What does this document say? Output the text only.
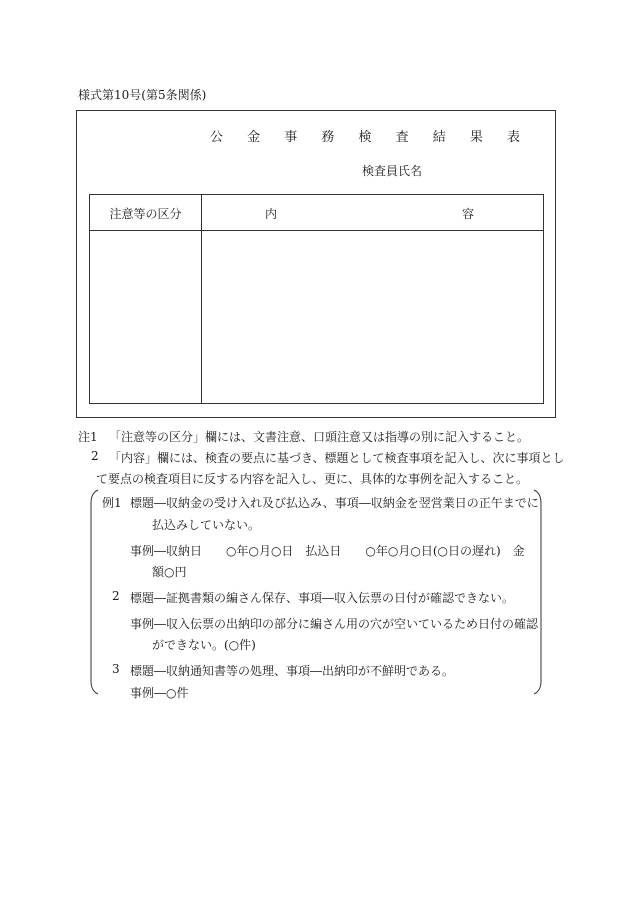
様式第10号(第5条関係)
公 金 事 務 検 査 結 果 表
検査員氏名
注意等の区分	内	容
注1 「注意等の区分」欄には、文書注意、口頭注意又は指導の別に記入すること。
2 「内容」欄には、検査の要点に基づき、標題として検査事項を記入し、次に事項とし
て要点の検査項目に反する内容を記入し、更に、具体的な事例を記入すること。
例1 標題―収納金の受け入れ及び払込み、事項―収納金を翌営業日の正午までに
払込みしていない。
事例―収納日　　○年○月○日　払込日　　○年○月○日(○日の遅れ)　金
額○円
2 標題―証拠書類の編さん保存、事項―収入伝票の日付が確認できない。
事例―収入伝票の出納印の部分に編さん用の穴が空いているため日付の確認
ができない。(○件)
3 標題―収納通知書等の処理、事項―出納印が不鮮明である。
事例―○件
